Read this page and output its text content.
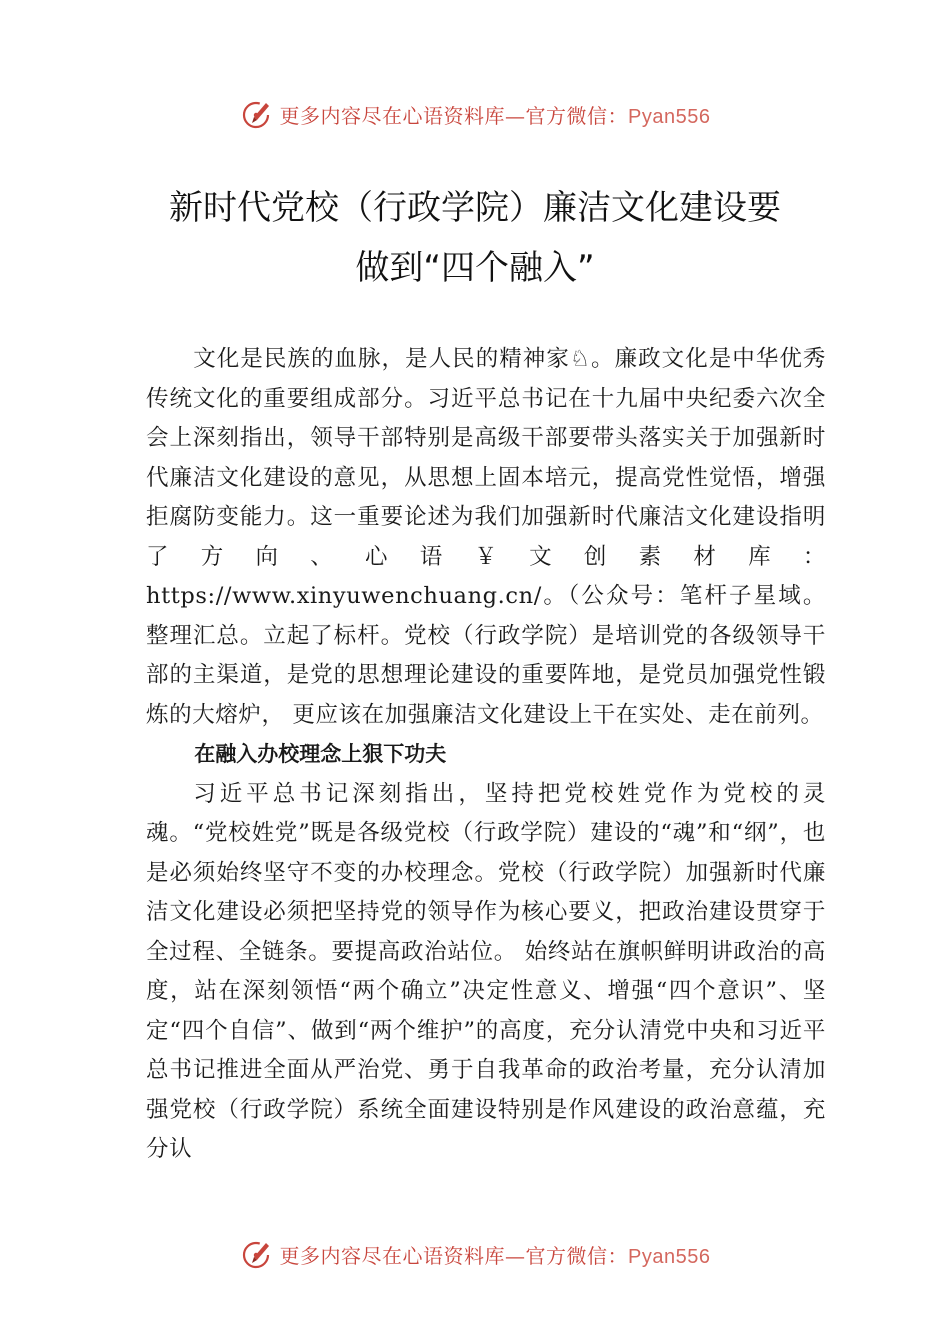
更多内容尽在心语资料库—官方微信：Pyan556
新时代党校（行政学院）廉洁文化建设要
做到“四个融入”

文化是民族的血脉，是人民的精神家♘。廉政文化是中华优秀传统文化的重要组成部分。习近平总书记在十九届中央纪委六次全会上深刻指出，领导干部特别是高级干部要带头落实关于加强新时代廉洁文化建设的意见，从思想上固本培元，提高党性觉悟，增强拒腐防变能力。这一重要论述为我们加强新时代廉洁文化建设指明了方向、心语￥文创素材库：https://www.xinyuwenchuang.cn/。（公众号：笔杆子星域。整理汇总。立起了标杆。党校（行政学院）是培训党的各级领导干部的主渠道，是党的思想理论建设的重要阵地，是党员加强党性锻炼的大熔炉， 更应该在加强廉洁文化建设上干在实处、走在前列。

在融入办校理念上狠下功夫

习近平总书记深刻指出，坚持把党校姓党作为党校的灵魂。“党校姓党”既是各级党校（行政学院）建设的“魂”和“纲”，也是必须始终坚守不变的办校理念。党校（行政学院）加强新时代廉洁文化建设必须把坚持党的领导作为核心要义，把政治建设贯穿于全过程、全链条。要提高政治站位。 始终站在旗帜鲜明讲政治的高度，站在深刻领悟“两个确立”决定性意义、增强“四个意识”、坚定“四个自信”、做到“两个维护”的高度，充分认清党中央和习近平总书记推进全面从严治党、勇于自我革命的政治考量，充分认清加强党校（行政学院）系统全面建设特别是作风建设的政治意蕴，充分认

更多内容尽在心语资料库—官方微信：Pyan556
